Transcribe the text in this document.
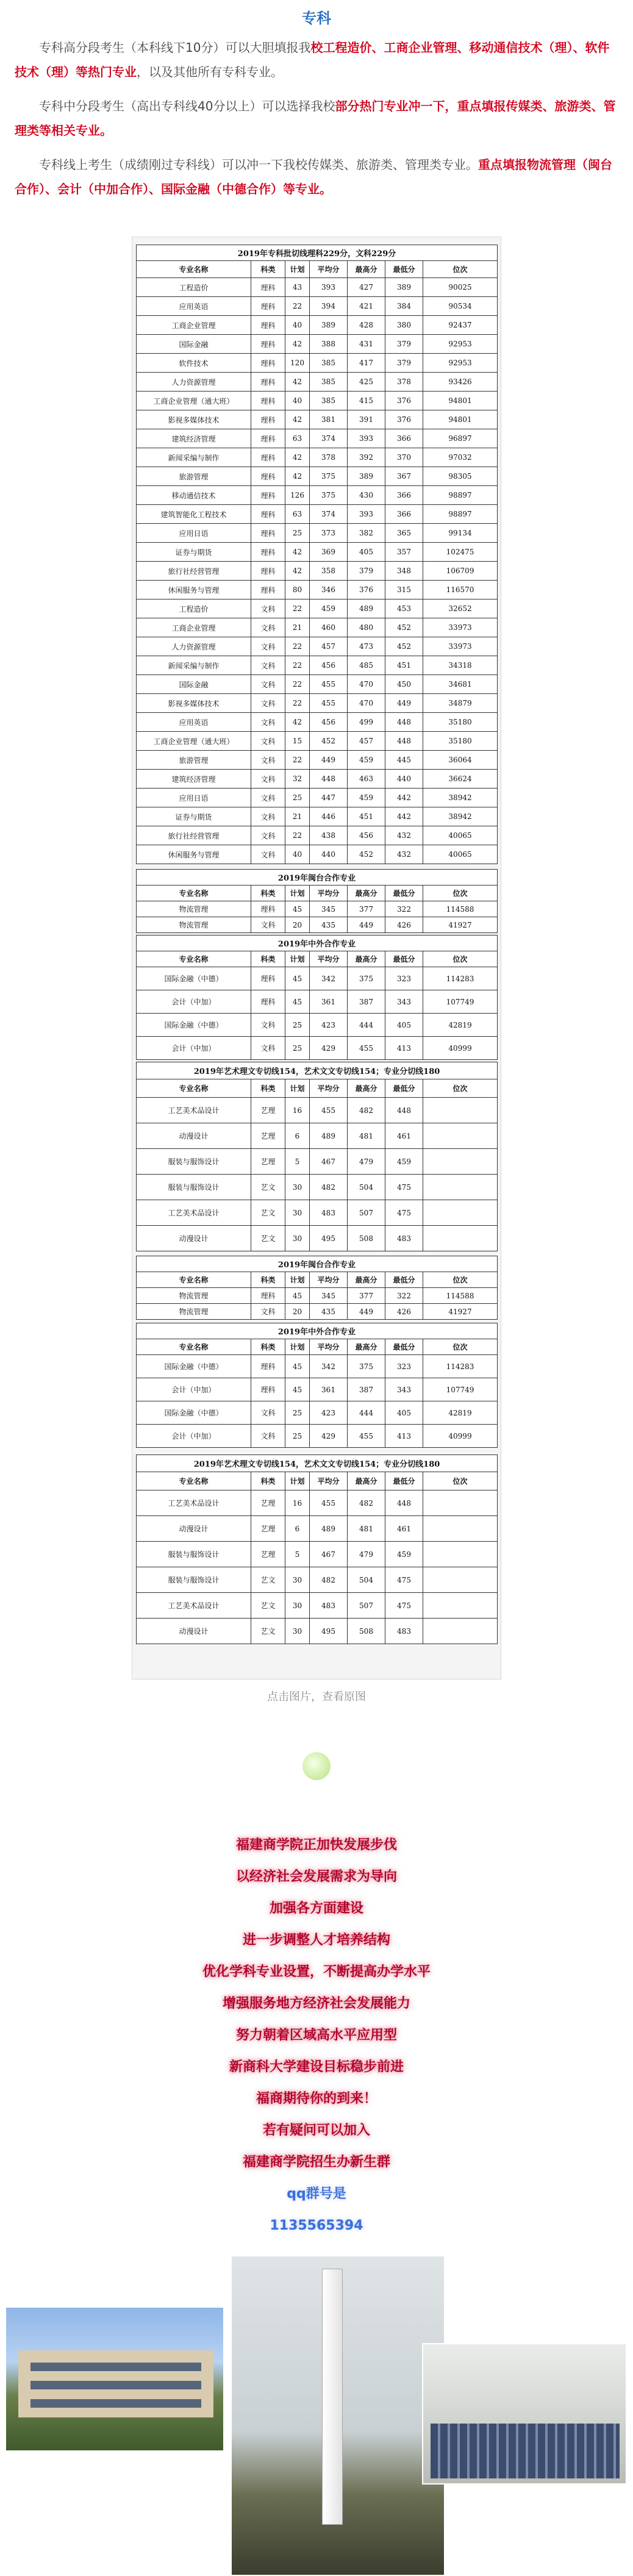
专科

专科高分段考生（本科线下10分）可以大胆填报我校工程造价、工商企业管理、移动通信技术（理）、软件技术（理）等热门专业，以及其他所有专科专业。

专科中分段考生（高出专科线40分以上）可以选择我校部分热门专业冲一下，重点填报传媒类、旅游类、管理类等相关专业。

专科线上考生（成绩刚过专科线）可以冲一下我校传媒类、旅游类、管理类专业。重点填报物流管理（闽台合作）、会计（中加合作）、国际金融（中德合作）等专业。

2019年专科批切线理科229分，文科229分						
专业名称	科类	计划	平均分	最高分	最低分	位次
工程造价	理科	43	393	427	389	90025
应用英语	理科	22	394	421	384	90534
工商企业管理	理科	40	389	428	380	92437
国际金融	理科	42	388	431	379	92953
软件技术	理科	120	385	417	379	92953
人力资源管理	理科	42	385	425	378	93426
工商企业管理（通大班）	理科	40	385	415	376	94801
影视多媒体技术	理科	42	381	391	376	94801
建筑经济管理	理科	63	374	393	366	96897
新闻采编与制作	理科	42	378	392	370	97032
旅游管理	理科	42	375	389	367	98305
移动通信技术	理科	126	375	430	366	98897
建筑智能化工程技术	理科	63	374	393	366	98897
应用日语	理科	25	373	382	365	99134
证券与期货	理科	42	369	405	357	102475
旅行社经营管理	理科	42	358	379	348	106709
休闲服务与管理	理科	80	346	376	315	116570
工程造价	文科	22	459	489	453	32652
工商企业管理	文科	21	460	480	452	33973
人力资源管理	文科	22	457	473	452	33973
新闻采编与制作	文科	22	456	485	451	34318
国际金融	文科	22	455	470	450	34681
影视多媒体技术	文科	22	455	470	449	34879
应用英语	文科	42	456	499	448	35180
工商企业管理（通大班）	文科	15	452	457	448	35180
旅游管理	文科	22	449	459	445	36064
建筑经济管理	文科	32	448	463	440	36624
应用日语	文科	25	447	459	442	38942
证券与期货	文科	21	446	451	442	38942
旅行社经营管理	文科	22	438	456	432	40065
休闲服务与管理	文科	40	440	452	432	40065
2019年闽台合作专业						
专业名称	科类	计划	平均分	最高分	最低分	位次
物流管理	理科	45	345	377	322	114588
物流管理	文科	20	435	449	426	41927
2019年中外合作专业						
专业名称	科类	计划	平均分	最高分	最低分	位次
国际金融（中德）	理科	45	342	375	323	114283
会计（中加）	理科	45	361	387	343	107749
国际金融（中德）	文科	25	423	444	405	42819
会计（中加）	文科	25	429	455	413	40999
2019年艺术理文专切线154，艺术文文专切线154；专业分切线180						
专业名称	科类	计划	平均分	最高分	最低分	位次
工艺美术品设计	艺理	16	455	482	448	
动漫设计	艺理	6	489	481	461	
服装与服饰设计	艺理	5	467	479	459	
服装与服饰设计	艺文	30	482	504	475	
工艺美术品设计	艺文	30	483	507	475	
动漫设计	艺文	30	495	508	483	
2019年闽台合作专业						
专业名称	科类	计划	平均分	最高分	最低分	位次
物流管理	理科	45	345	377	322	114588
物流管理	文科	20	435	449	426	41927
2019年中外合作专业						
专业名称	科类	计划	平均分	最高分	最低分	位次
国际金融（中德）	理科	45	342	375	323	114283
会计（中加）	理科	45	361	387	343	107749
国际金融（中德）	文科	25	423	444	405	42819
会计（中加）	文科	25	429	455	413	40999
2019年艺术理文专切线154，艺术文文专切线154；专业分切线180						
专业名称	科类	计划	平均分	最高分	最低分	位次
工艺美术品设计	艺理	16	455	482	448	
动漫设计	艺理	6	489	481	461	
服装与服饰设计	艺理	5	467	479	459	
服装与服饰设计	艺文	30	482	504	475	
工艺美术品设计	艺文	30	483	507	475	
动漫设计	艺文	30	495	508	483	
点击图片，查看原图
福建商学院正加快发展步伐
以经济社会发展需求为导向
加强各方面建设
进一步调整人才培养结构
优化学科专业设置，不断提高办学水平
增强服务地方经济社会发展能力
努力朝着区域高水平应用型
新商科大学建设目标稳步前进
福商期待你的到来！
若有疑问可以加入
福建商学院招生办新生群
qq群号是
1135565394
